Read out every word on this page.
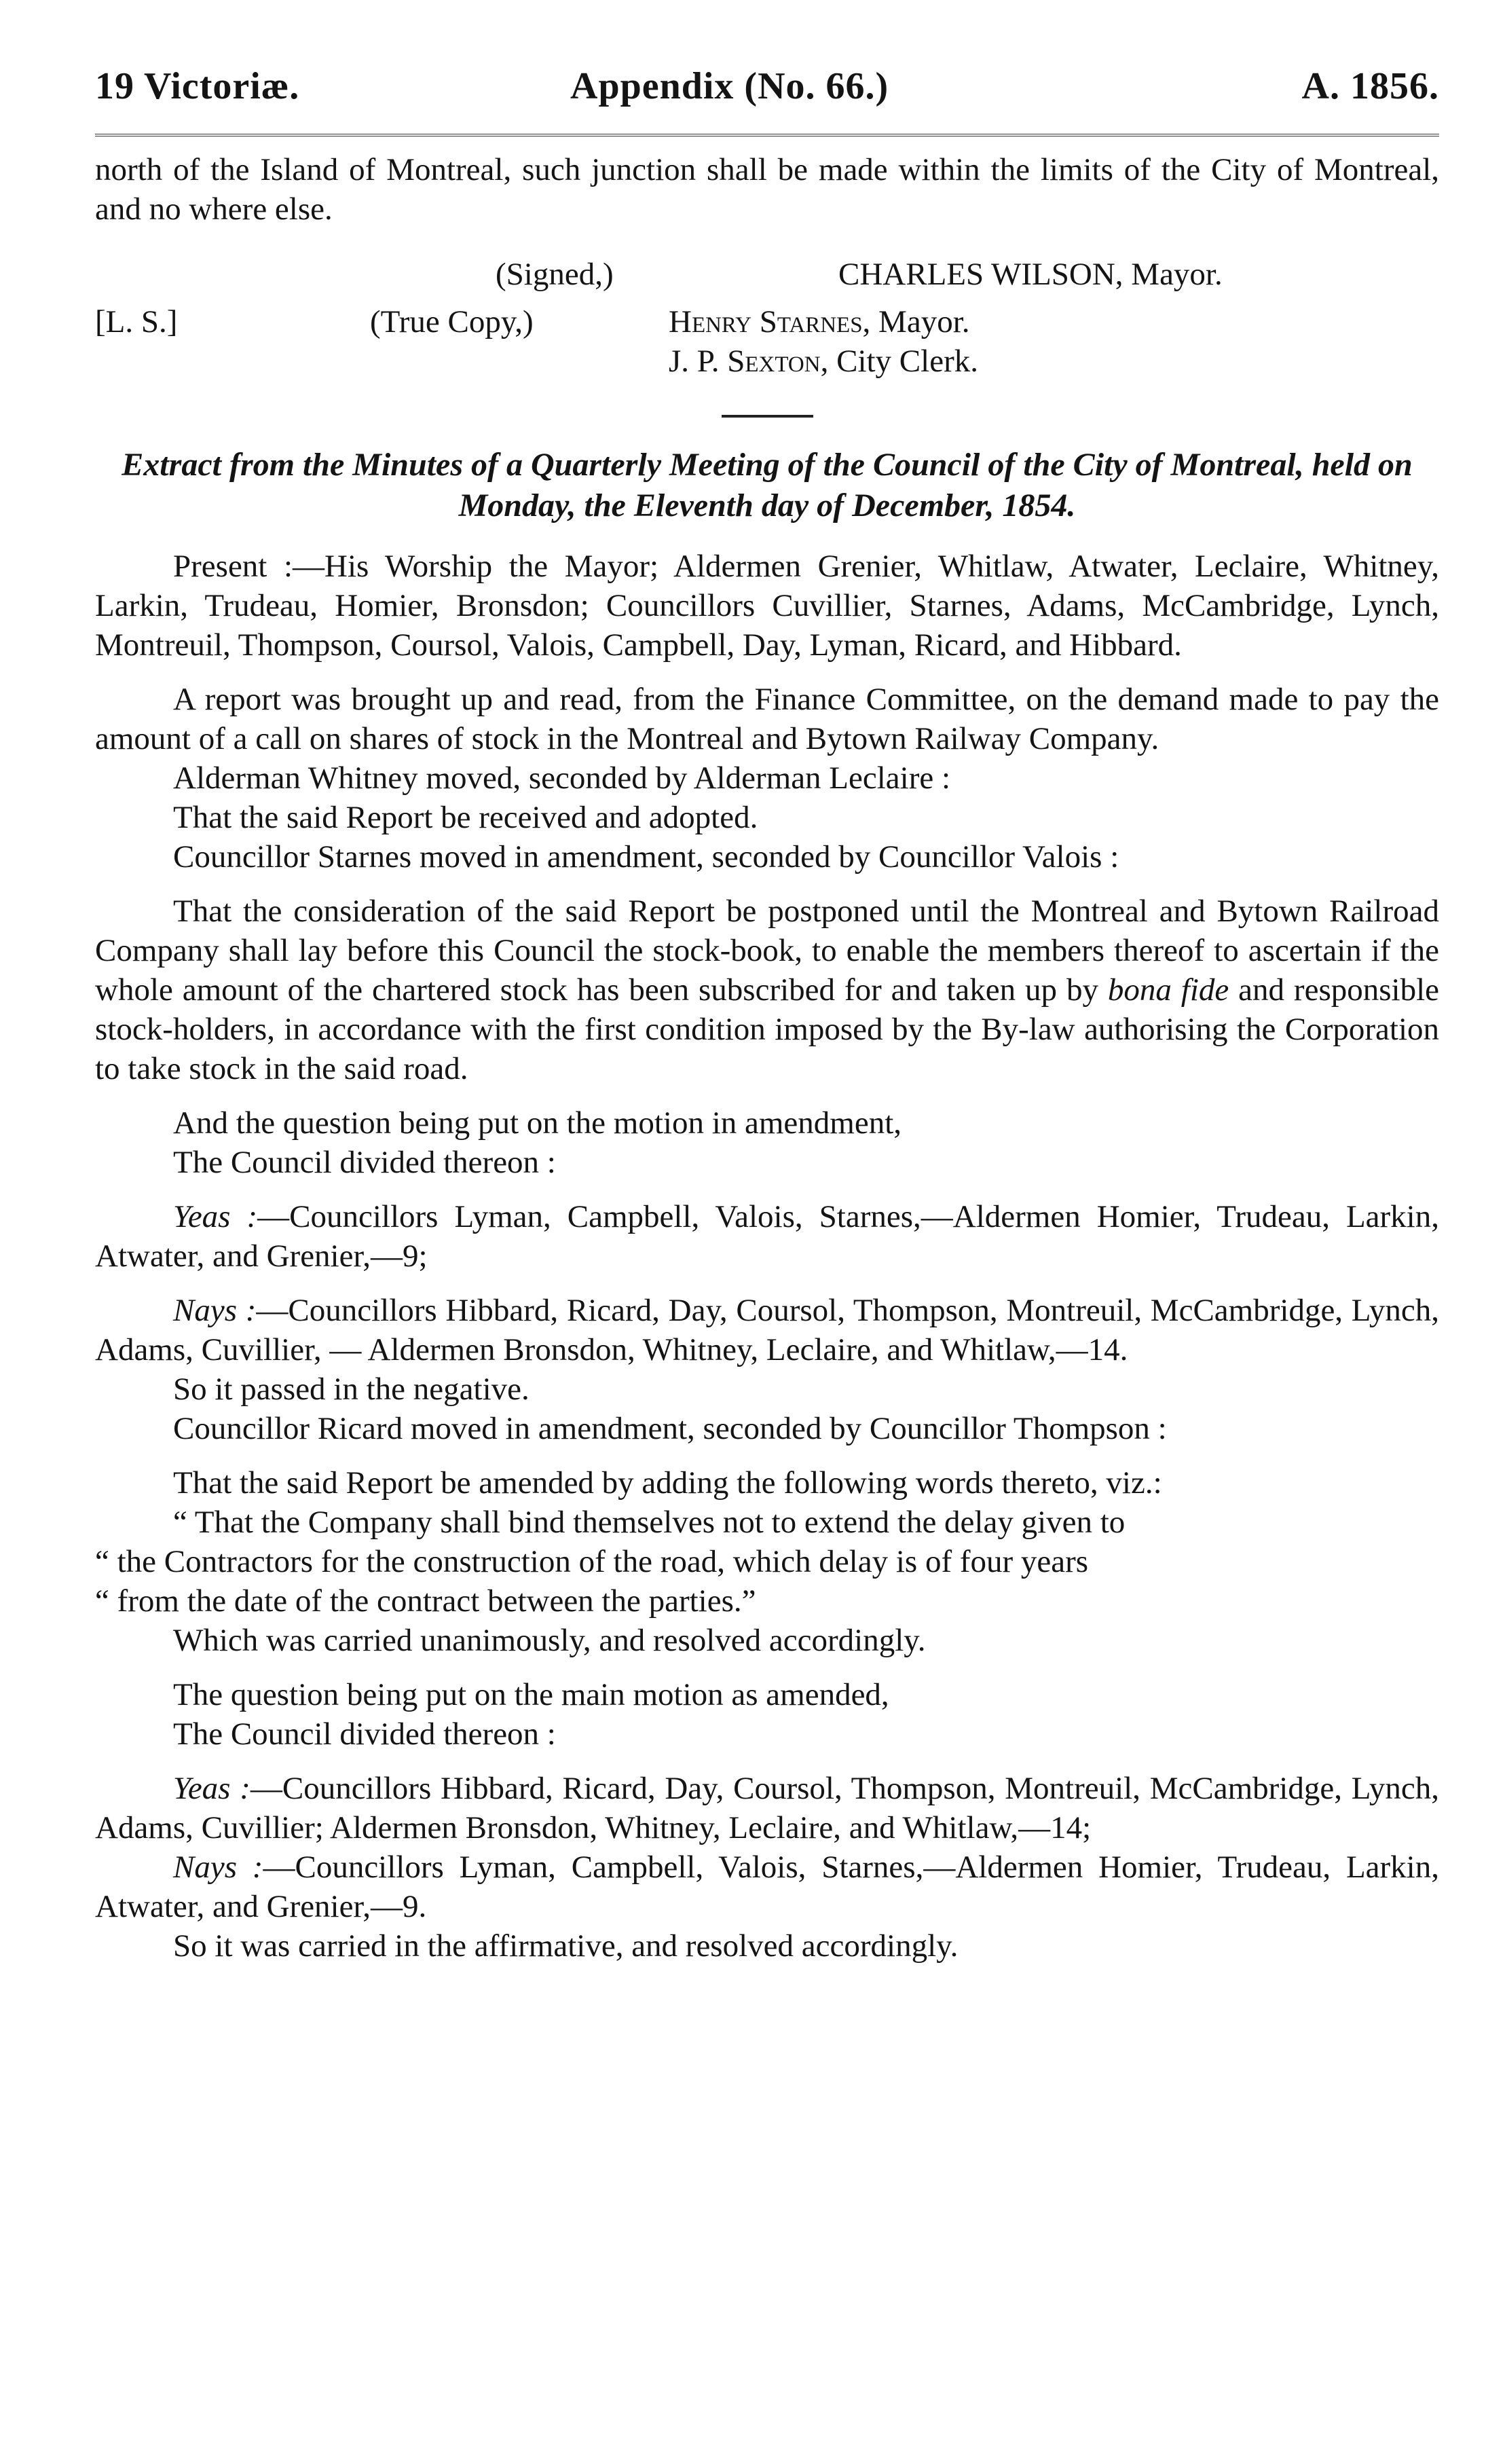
19 Victoriæ.	Appendix (No. 66.)	A. 1856.

north of the Island of Montreal, such junction shall be made within the limits of the City of Montreal, and no where else.

(Signed,)	CHARLES WILSON, Mayor.
[L. S.]	(True Copy,)	Henry Starnes, Mayor.
J. P. Sexton, City Clerk.

Extract from the Minutes of a Quarterly Meeting of the Council of the City of Montreal, held on Monday, the Eleventh day of December, 1854.

Present :—His Worship the Mayor; Aldermen Grenier, Whitlaw, Atwater, Leclaire, Whitney, Larkin, Trudeau, Homier, Bronsdon; Councillors Cuvillier, Starnes, Adams, McCambridge, Lynch, Montreuil, Thompson, Coursol, Valois, Campbell, Day, Lyman, Ricard, and Hibbard.

A report was brought up and read, from the Finance Committee, on the demand made to pay the amount of a call on shares of stock in the Montreal and Bytown Railway Company.

Alderman Whitney moved, seconded by Alderman Leclaire :

That the said Report be received and adopted.

Councillor Starnes moved in amendment, seconded by Councillor Valois :

That the consideration of the said Report be postponed until the Montreal and Bytown Railroad Company shall lay before this Council the stock-book, to enable the members thereof to ascertain if the whole amount of the chartered stock has been subscribed for and taken up by bona fide and responsible stock-holders, in accordance with the first condition imposed by the By-law authorising the Corporation to take stock in the said road.

And the question being put on the motion in amendment,

The Council divided thereon :

Yeas :—Councillors Lyman, Campbell, Valois, Starnes,—Aldermen Homier, Trudeau, Larkin, Atwater, and Grenier,—9;

Nays :—Councillors Hibbard, Ricard, Day, Coursol, Thompson, Montreuil, McCambridge, Lynch, Adams, Cuvillier, — Aldermen Bronsdon, Whitney, Leclaire, and Whitlaw,—14.

So it passed in the negative.

Councillor Ricard moved in amendment, seconded by Councillor Thompson :

That the said Report be amended by adding the following words thereto, viz.:

“ That the Company shall bind themselves not to extend the delay given to

“ the Contractors for the construction of the road, which delay is of four years

“ from the date of the contract between the parties.”

Which was carried unanimously, and resolved accordingly.

The question being put on the main motion as amended,

The Council divided thereon :

Yeas :—Councillors Hibbard, Ricard, Day, Coursol, Thompson, Montreuil, McCambridge, Lynch, Adams, Cuvillier; Aldermen Bronsdon, Whitney, Leclaire, and Whitlaw,—14;

Nays :—Councillors Lyman, Campbell, Valois, Starnes,—Aldermen Homier, Trudeau, Larkin, Atwater, and Grenier,—9.

So it was carried in the affirmative, and resolved accordingly.
